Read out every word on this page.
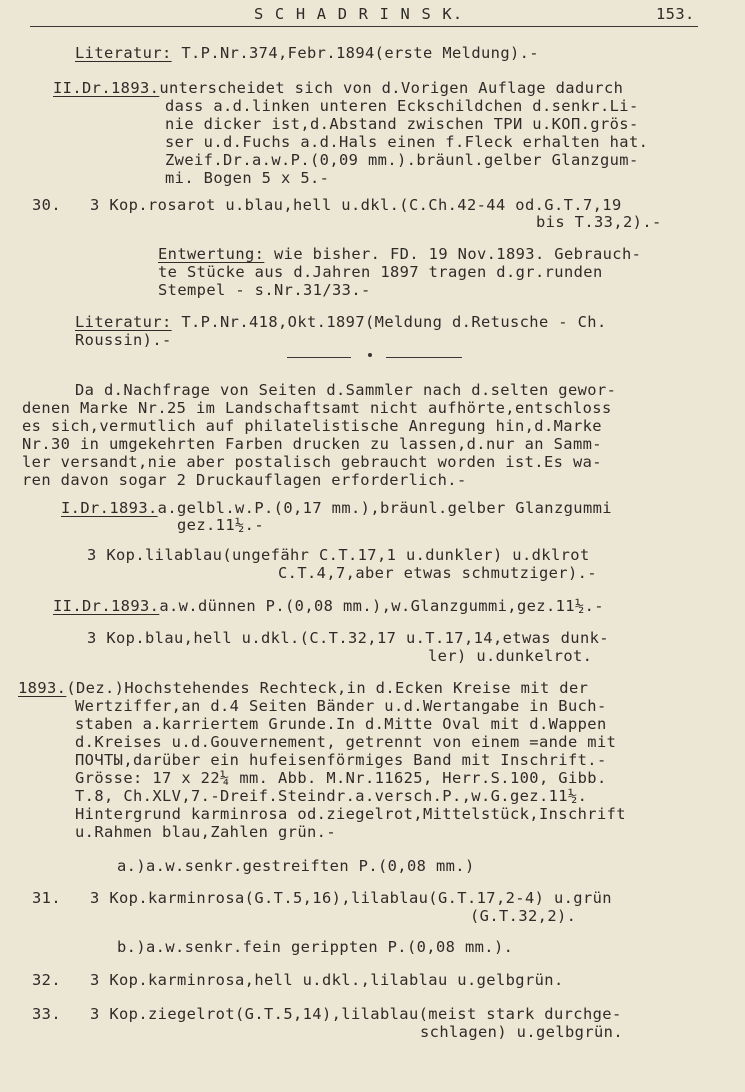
S C H A D R I N S K.	153.
Literatur: T.P.Nr.374,Febr.1894(erste Meldung).-
II.Dr.1893.unterscheidet sich von d.Vorigen Auflage dadurch
dass a.d.linken unteren Eckschildchen d.senkr.Li-
nie dicker ist,d.Abstand zwischen ТРИ u.КОП.grös-
ser u.d.Fuchs a.d.Hals einen f.Fleck erhalten hat.
Zweif.Dr.a.w.P.(0,09 mm.).bräunl.gelber Glanzgum-
mi. Bogen 5 x 5.-
30.   3 Kop.rosarot u.blau,hell u.dkl.(C.Ch.42-44 od.G.T.7,19
bis T.33,2).-
Entwertung: wie bisher. FD. 19 Nov.1893. Gebrauch-
te Stücke aus d.Jahren 1897 tragen d.gr.runden
Stempel - s.Nr.31/33.-
Literatur: T.P.Nr.418,Okt.1897(Meldung d.Retusche - Ch.
Roussin).-
Da d.Nachfrage von Seiten d.Sammler nach d.selten gewor-
denen Marke Nr.25 im Landschaftsamt nicht aufhörte,entschloss
es sich,vermutlich auf philatelistische Anregung hin,d.Marke
Nr.30 in umgekehrten Farben drucken zu lassen,d.nur an Samm-
ler versandt,nie aber postalisch gebraucht worden ist.Es wa-
ren davon sogar 2 Druckauflagen erforderlich.-
I.Dr.1893.a.gelbl.w.P.(0,17 mm.),bräunl.gelber Glanzgummi
gez.11½.-
3 Kop.lilablau(ungefähr C.T.17,1 u.dunkler) u.dklrot
C.T.4,7,aber etwas schmutziger).-
II.Dr.1893.a.w.dünnen P.(0,08 mm.),w.Glanzgummi,gez.11½.-
3 Kop.blau,hell u.dkl.(C.T.32,17 u.T.17,14,etwas dunk-
ler) u.dunkelrot.
1893.(Dez.)Hochstehendes Rechteck,in d.Ecken Kreise mit der
Wertziffer,an d.4 Seiten Bänder u.d.Wertangabe in Buch-
staben a.karriertem Grunde.In d.Mitte Oval mit d.Wappen
d.Kreises u.d.Gouvernement, getrennt von einem =ande mit
ПОЧТЫ,darüber ein hufeisenförmiges Band mit Inschrift.-
Grösse: 17 x 22¼ mm. Abb. M.Nr.11625, Herr.S.100, Gibb.
T.8, Ch.XLV,7.-Dreif.Steindr.a.versch.P.,w.G.gez.11½.
Hintergrund karminrosa od.ziegelrot,Mittelstück,Inschrift
u.Rahmen blau,Zahlen grün.-
a.)a.w.senkr.gestreiften P.(0,08 mm.)
31.   3 Kop.karminrosa(G.T.5,16),lilablau(G.T.17,2-4) u.grün
(G.T.32,2).
b.)a.w.senkr.fein gerippten P.(0,08 mm.).
32.   3 Kop.karminrosa,hell u.dkl.,lilablau u.gelbgrün.
33.   3 Kop.ziegelrot(G.T.5,14),lilablau(meist stark durchge-
schlagen) u.gelbgrün.
